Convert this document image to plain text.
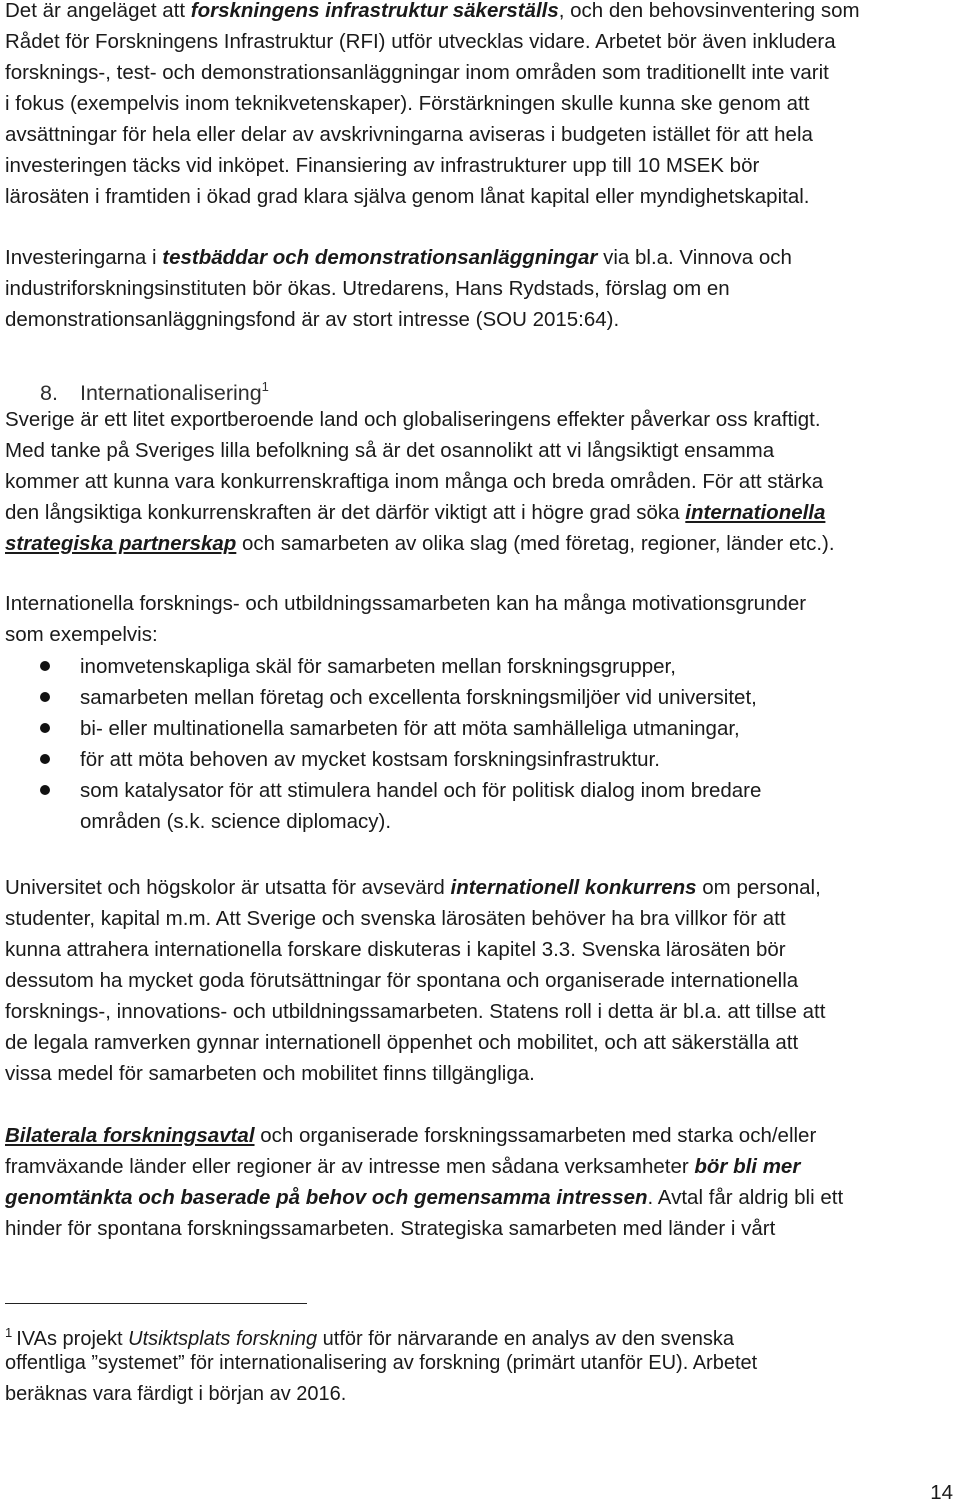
Det är angeläget att forskningens infrastruktur säkerställs, och den behovsinventering som
Rådet för Forskningens Infrastruktur (RFI) utför utvecklas vidare. Arbetet bör även inkludera
forsknings-, test- och demonstrationsanläggningar inom områden som traditionellt inte varit
i fokus (exempelvis inom teknikvetenskaper). Förstärkningen skulle kunna ske genom att
avsättningar för hela eller delar av avskrivningarna aviseras i budgeten istället för att hela
investeringen täcks vid inköpet. Finansiering av infrastrukturer upp till 10 MSEK bör
lärosäten i framtiden i ökad grad klara själva genom lånat kapital eller myndighetskapital.

Investeringarna i testbäddar och demonstrationsanläggningar via bl.a. Vinnova och
industriforskningsinstituten bör ökas. Utredarens, Hans Rydstads, förslag om en
demonstrationsanläggningsfond är av stort intresse (SOU 2015:64).

8. Internationalisering$^1$

Sverige är ett litet exportberoende land och globaliseringens effekter påverkar oss kraftigt.
Med tanke på Sveriges lilla befolkning så är det osannolikt att vi långsiktigt ensamma
kommer att kunna vara konkurrenskraftiga inom många och breda områden. För att stärka
den långsiktiga konkurrenskraften är det därför viktigt att i högre grad söka internationella
strategiska partnerskap och samarbeten av olika slag (med företag, regioner, länder etc.).

Internationella forsknings- och utbildningssamarbeten kan ha många motivationsgrunder
som exempelvis:

inomvetenskapliga skäl för samarbeten mellan forskningsgrupper,
samarbeten mellan företag och excellenta forskningsmiljöer vid universitet,
bi- eller multinationella samarbeten för att möta samhälleliga utmaningar,
för att möta behoven av mycket kostsam forskningsinfrastruktur.
som katalysator för att stimulera handel och för politisk dialog inom bredare
områden (s.k. science diplomacy).

Universitet och högskolor är utsatta för avsevärd internationell konkurrens om personal,
studenter, kapital m.m. Att Sverige och svenska lärosäten behöver ha bra villkor för att
kunna attrahera internationella forskare diskuteras i kapitel 3.3. Svenska lärosäten bör
dessutom ha mycket goda förutsättningar för spontana och organiserade internationella
forsknings-, innovations- och utbildningssamarbeten. Statens roll i detta är bl.a. att tillse att
de legala ramverken gynnar internationell öppenhet och mobilitet, och att säkerställa att
vissa medel för samarbeten och mobilitet finns tillgängliga.

Bilaterala forskningsavtal och organiserade forskningssamarbeten med starka och/eller
framväxande länder eller regioner är av intresse men sådana verksamheter bör bli mer
genomtänkta och baserade på behov och gemensamma intressen. Avtal får aldrig bli ett
hinder för spontana forskningssamarbeten. Strategiska samarbeten med länder i vårt

$^1$ IVAs projekt Utsiktsplats forskning utför för närvarande en analys av den svenska
offentliga ”systemet” för internationalisering av forskning (primärt utanför EU). Arbetet
beräknas vara färdigt i början av 2016.

14
